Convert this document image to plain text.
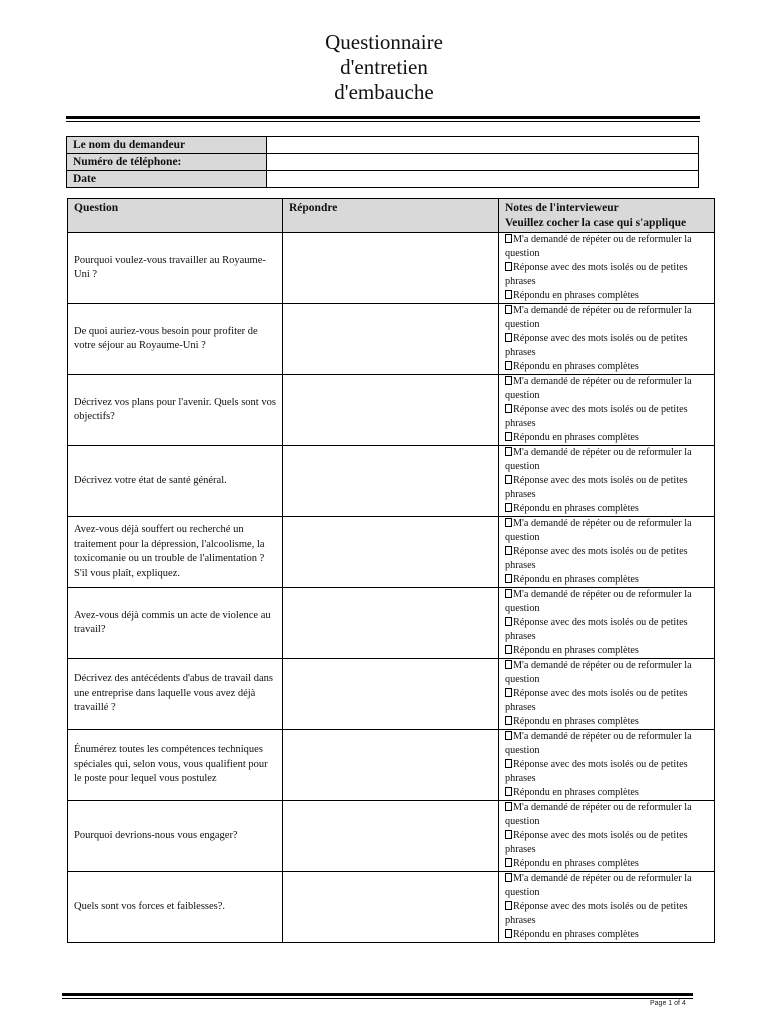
Questionnaire
d'entretien
d'embauche
Le nom du demandeur	
Numéro de téléphone:	
Date	
Question	Répondre	Notes de l'intervieweur
Veuillez cocher la case qui s'applique

Pourquoi voulez-vous travailler au Royaume-Uni ?		M'a demandé de répéter ou de reformuler la question
Réponse avec des mots isolés ou de petites phrases
Répondu en phrases complètes

De quoi auriez-vous besoin pour profiter de votre séjour au Royaume-Uni ?		M'a demandé de répéter ou de reformuler la question
Réponse avec des mots isolés ou de petites phrases
Répondu en phrases complètes

Décrivez vos plans pour l'avenir. Quels sont vos objectifs?		M'a demandé de répéter ou de reformuler la question
Réponse avec des mots isolés ou de petites phrases
Répondu en phrases complètes

Décrivez votre état de santé général.		M'a demandé de répéter ou de reformuler la question
Réponse avec des mots isolés ou de petites phrases
Répondu en phrases complètes

Avez-vous déjà souffert ou recherché un traitement pour la dépression, l'alcoolisme, la toxicomanie ou un trouble de l'alimentation ? S'il vous plaît, expliquez.		M'a demandé de répéter ou de reformuler la question
Réponse avec des mots isolés ou de petites phrases
Répondu en phrases complètes

Avez-vous déjà commis un acte de violence au travail?		M'a demandé de répéter ou de reformuler la question
Réponse avec des mots isolés ou de petites phrases
Répondu en phrases complètes

Décrivez des antécédents d'abus de travail dans une entreprise dans laquelle vous avez déjà travaillé ?		M'a demandé de répéter ou de reformuler la question
Réponse avec des mots isolés ou de petites phrases
Répondu en phrases complètes

Énumérez toutes les compétences techniques spéciales qui, selon vous, vous qualifient pour le poste pour lequel vous postulez		M'a demandé de répéter ou de reformuler la question
Réponse avec des mots isolés ou de petites phrases
Répondu en phrases complètes

Pourquoi devrions-nous vous engager?		M'a demandé de répéter ou de reformuler la question
Réponse avec des mots isolés ou de petites phrases
Répondu en phrases complètes

Quels sont vos forces et faiblesses?.		M'a demandé de répéter ou de reformuler la question
Réponse avec des mots isolés ou de petites phrases
Répondu en phrases complètes
Page 1 of 4
